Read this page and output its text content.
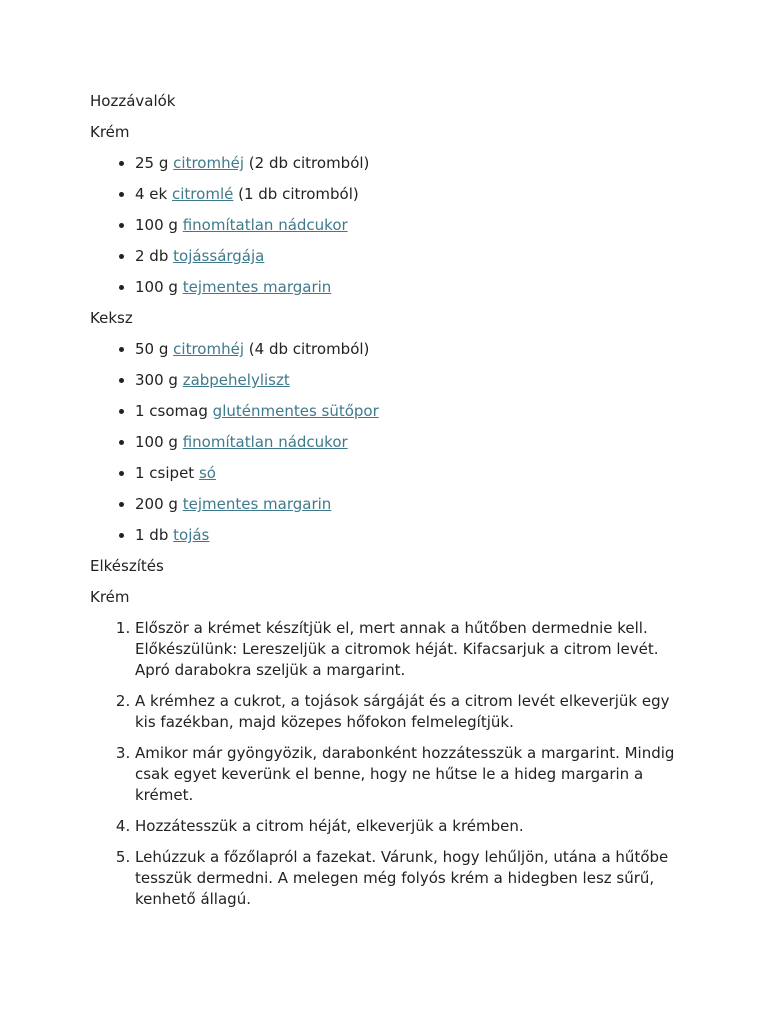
Hozzávalók

Krém

• 25 g citromhéj (2 db citromból)
• 4 ek citromlé (1 db citromból)
• 100 g finomítatlan nádcukor
• 2 db tojássárgája
• 100 g tejmentes margarin

Keksz

• 50 g citromhéj (4 db citromból)
• 300 g zabpehelyliszt
• 1 csomag gluténmentes sütőpor
• 100 g finomítatlan nádcukor
• 1 csipet só
• 200 g tejmentes margarin
• 1 db tojás

Elkészítés

Krém

1. Először a krémet készítjük el, mert annak a hűtőben dermednie kell. Előkészülünk: Lereszeljük a citromok héját. Kifacsarjuk a citrom levét. Apró darabokra szeljük a margarint.
2. A krémhez a cukrot, a tojások sárgáját és a citrom levét elkeverjük egy kis fazékban, majd közepes hőfokon felmelegítjük.
3. Amikor már gyöngyözik, darabonként hozzátesszük a margarint. Mindig csak egyet keverünk el benne, hogy ne hűtse le a hideg margarin a krémet.
4. Hozzátesszük a citrom héját, elkeverjük a krémben.
5. Lehúzzuk a főzőlapról a fazekat. Várunk, hogy lehűljön, utána a hűtőbe tesszük dermedni. A melegen még folyós krém a hidegben lesz sűrű, kenhető állagú.
